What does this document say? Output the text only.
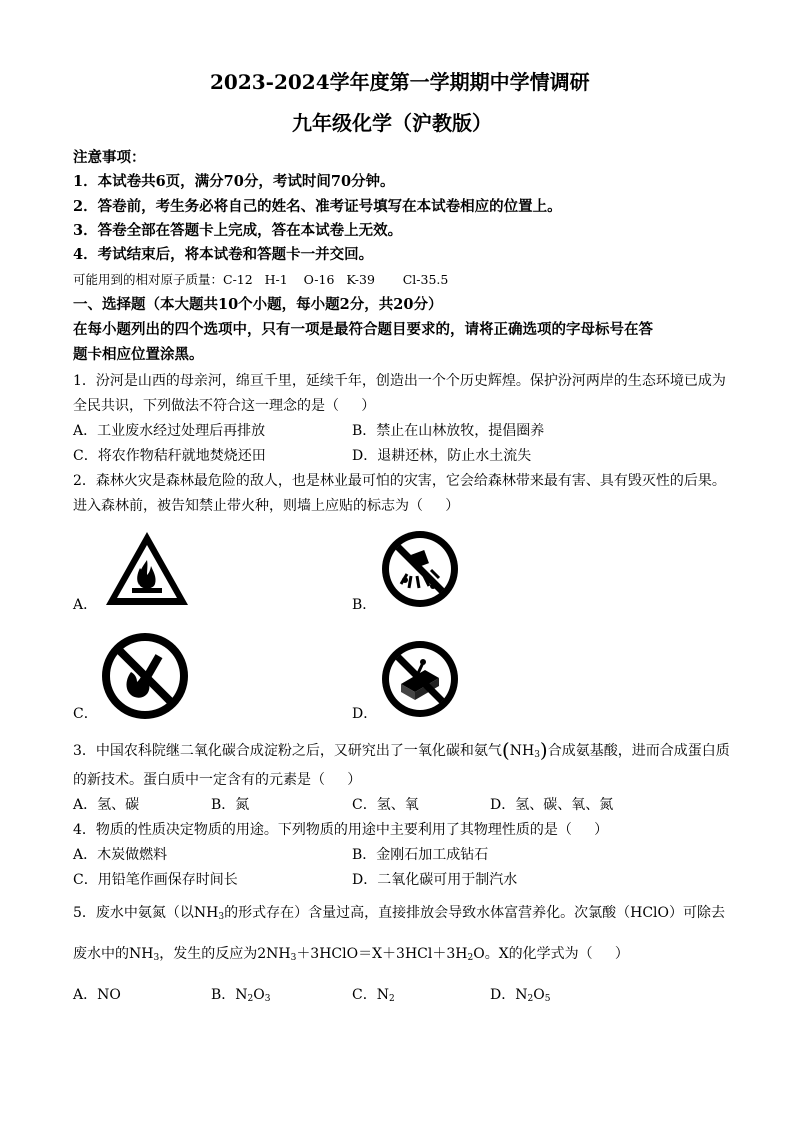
2023-2024学年度第一学期期中学情调研
九年级化学（沪教版）
注意事项：
1．本试卷共6页，满分70分，考试时间70分钟。
2．答卷前，考生务必将自己的姓名、准考证号填写在本试卷相应的位置上。
3．答卷全部在答题卡上完成，答在本试卷上无效。
4．考试结束后，将本试卷和答题卡一并交回。
可能用到的相对原子质量：C-12   H-1    O-16   K-39       Cl-35.5
一、选择题（本大题共10个小题，每小题2分，共20分）
在每小题列出的四个选项中，只有一项是最符合题目要求的，请将正确选项的字母标号在答
题卡相应位置涂黑。
1．汾河是山西的母亲河，绵亘千里，延续千年，创造出一个个历史辉煌。保护汾河两岸的生态环境已成为
全民共识，下列做法不符合这一理念的是（     ）
A．工业废水经过处理后再排放	B．禁止在山林放牧，提倡圈养
C．将农作物秸秆就地焚烧还田	D．退耕还林，防止水土流失
2．森林火灾是森林最危险的敌人，也是林业最可怕的灾害，它会给森林带来最有害、具有毁灭性的后果。
进入森林前，被告知禁止带火种，则墙上应贴的标志为（     ）
A．	B．
C．	D．
3．中国农科院继二氧化碳合成淀粉之后，又研究出了一氧化碳和氨气$(NH_3)$合成氨基酸，进而合成蛋白质
的新技术。蛋白质中一定含有的元素是（     ）
A．氢、碳	B．氮	C．氢、氧	D．氢、碳、氧、氮
4．物质的性质决定物质的用途。下列物质的用途中主要利用了其物理性质的是（     ）
A．木炭做燃料	B．金刚石加工成钻石
C．用铅笔作画保存时间长	D．二氧化碳可用于制汽水
5．废水中氨氮（以$NH_3$的形式存在）含量过高，直接排放会导致水体富营养化。次氯酸（HClO）可除去
废水中的$NH_3$，发生的反应为$2NH_3+3HClO=X+3HCl+3H_2O$。X的化学式为（     ）
A．NO	B．$N_2O_3$	C．$N_2$	D．$N_2O_5$
